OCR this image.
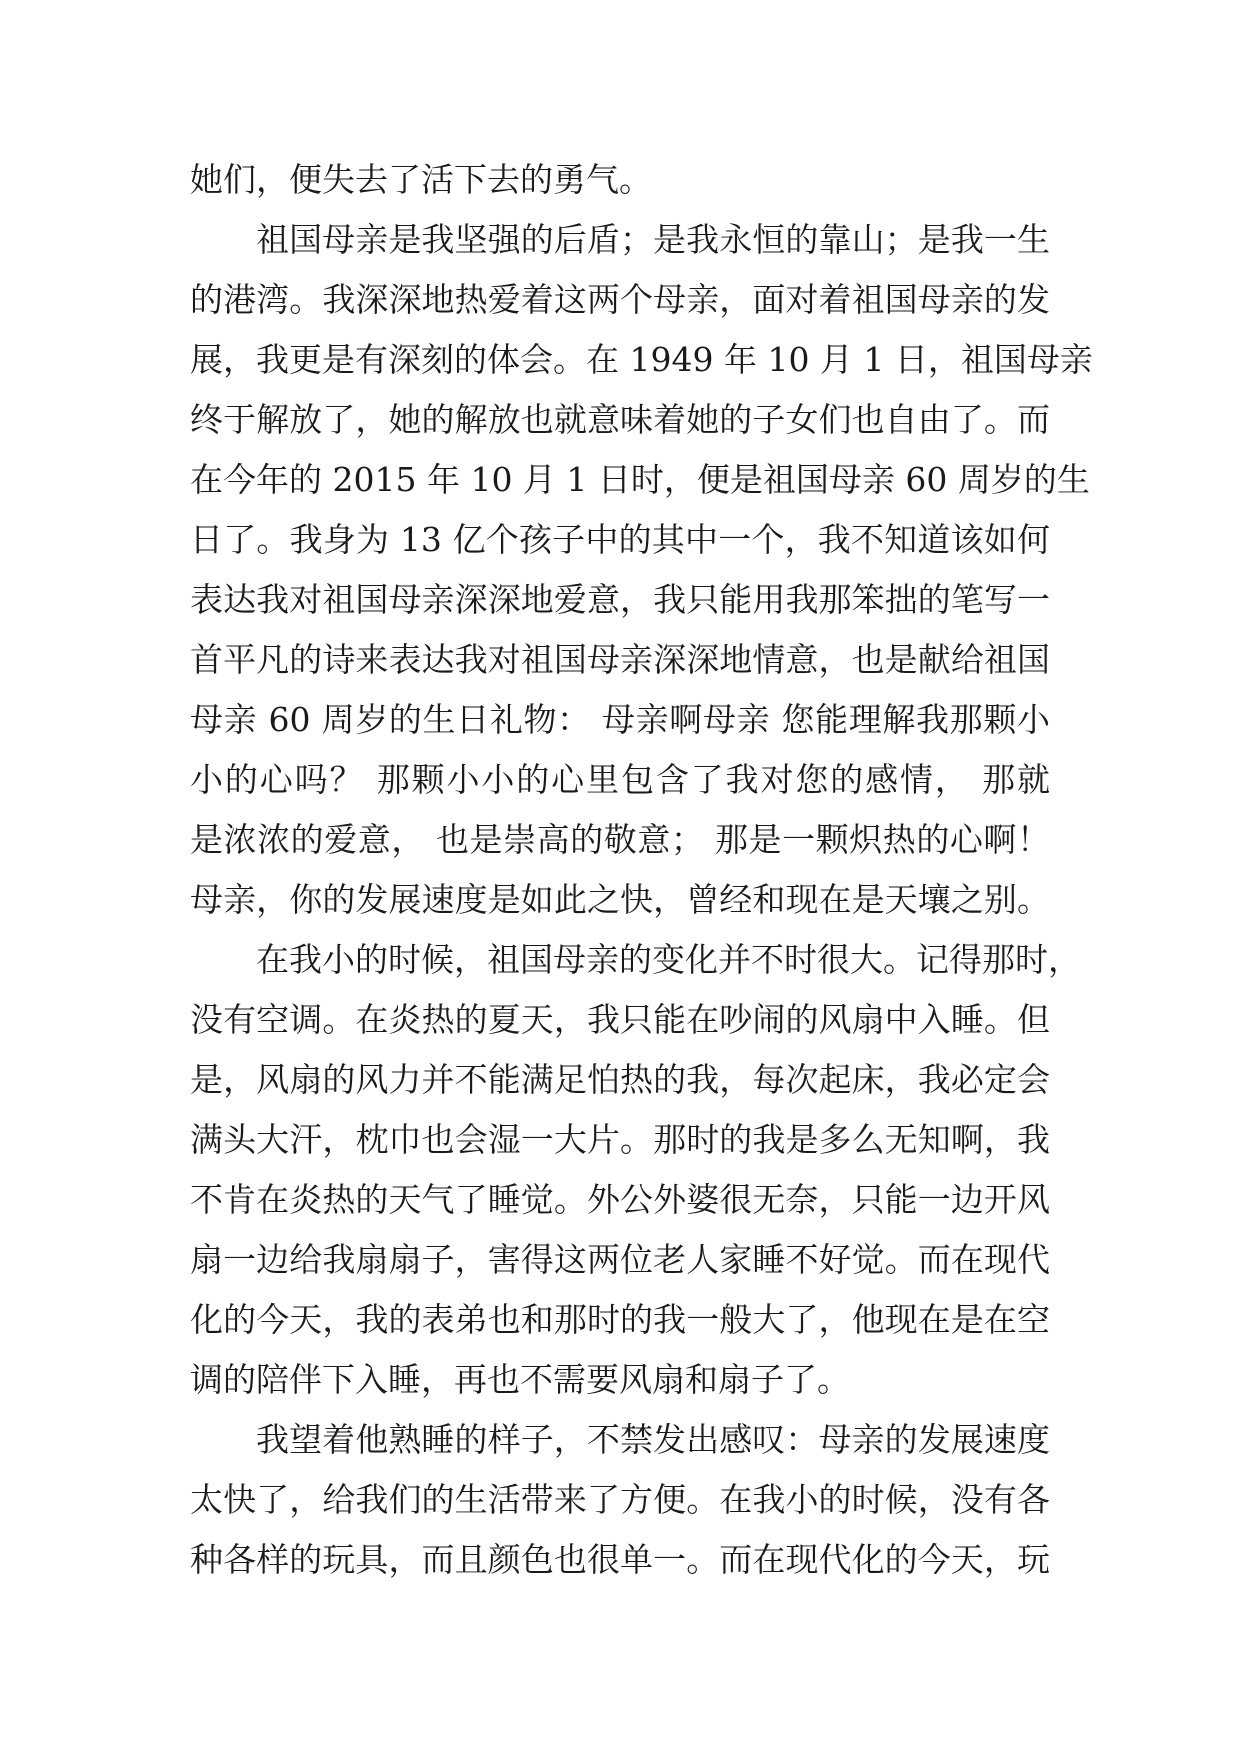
她们，便失去了活下去的勇气。
祖国母亲是我坚强的后盾；是我永恒的靠山；是我一生
的港湾。我深深地热爱着这两个母亲，面对着祖国母亲的发
展，我更是有深刻的体会。在 1949 年 10 月 1 日，祖国母亲
终于解放了，她的解放也就意味着她的子女们也自由了。而
在今年的 2015 年 10 月 1 日时，便是祖国母亲 60 周岁的生
日了。我身为 13 亿个孩子中的其中一个，我不知道该如何
表达我对祖国母亲深深地爱意，我只能用我那笨拙的笔写一
首平凡的诗来表达我对祖国母亲深深地情意，也是献给祖国
母亲 60 周岁的生日礼物： 母亲啊母亲 您能理解我那颗小
小的心吗？ 那颗小小的心里包含了我对您的感情， 那就
是浓浓的爱意， 也是崇高的敬意； 那是一颗炽热的心啊！
母亲，你的发展速度是如此之快，曾经和现在是天壤之别。
在我小的时候，祖国母亲的变化并不时很大。记得那时，
没有空调。在炎热的夏天，我只能在吵闹的风扇中入睡。但
是，风扇的风力并不能满足怕热的我，每次起床，我必定会
满头大汗，枕巾也会湿一大片。那时的我是多么无知啊，我
不肯在炎热的天气了睡觉。外公外婆很无奈，只能一边开风
扇一边给我扇扇子，害得这两位老人家睡不好觉。而在现代
化的今天，我的表弟也和那时的我一般大了，他现在是在空
调的陪伴下入睡，再也不需要风扇和扇子了。
我望着他熟睡的样子，不禁发出感叹：母亲的发展速度
太快了，给我们的生活带来了方便。在我小的时候，没有各
种各样的玩具，而且颜色也很单一。而在现代化的今天，玩
